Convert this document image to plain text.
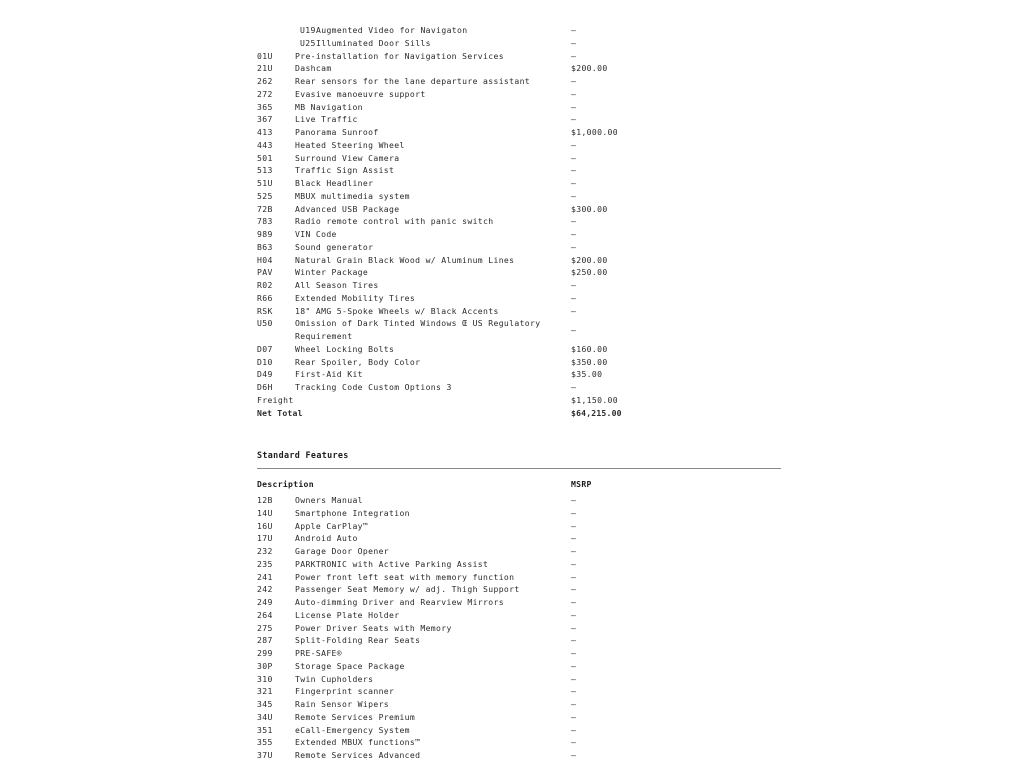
U19	Augmented Video for Navigaton	—
U25	Illuminated Door Sills	—
01U	Pre-installation for Navigation Services	—
21U	Dashcam	$200.00
262	Rear sensors for the lane departure assistant	—
272	Evasive manoeuvre support	—
365	MB Navigation	—
367	Live Traffic	—
413	Panorama Sunroof	$1,000.00
443	Heated Steering Wheel	—
501	Surround View Camera	—
513	Traffic Sign Assist	—
51U	Black Headliner	—
525	MBUX multimedia system	—
72B	Advanced USB Package	$300.00
783	Radio remote control with panic switch	—
989	VIN Code	—
B63	Sound generator	—
H04	Natural Grain Black Wood w/ Aluminum Lines	$200.00
PAV	Winter Package	$250.00
R02	All Season Tires	—
R66	Extended Mobility Tires	—
RSK	18" AMG 5-Spoke Wheels w/ Black Accents	—
U50	Omission of Dark Tinted Windows Œ US Regulatory Requirement	—
D07	Wheel Locking Bolts	$160.00
D10	Rear Spoiler, Body Color	$350.00
D49	First-Aid Kit	$35.00
D6H	Tracking Code Custom Options 3	—
Freight		$1,150.00
Net Total		$64,215.00
Standard Features
Description		MSRP
12B	Owners Manual	—
14U	Smartphone Integration	—
16U	Apple CarPlay™	—
17U	Android Auto	—
232	Garage Door Opener	—
235	PARKTRONIC with Active Parking Assist	—
241	Power front left seat with memory function	—
242	Passenger Seat Memory w/ adj. Thigh Support	—
249	Auto-dimming Driver and Rearview Mirrors	—
264	License Plate Holder	—
275	Power Driver Seats with Memory	—
287	Split-Folding Rear Seats	—
299	PRE-SAFE®	—
30P	Storage Space Package	—
310	Twin Cupholders	—
321	Fingerprint scanner	—
345	Rain Sensor Wipers	—
34U	Remote Services Premium	—
351	eCall-Emergency System	—
355	Extended MBUX functions™	—
37U	Remote Services Advanced	—
